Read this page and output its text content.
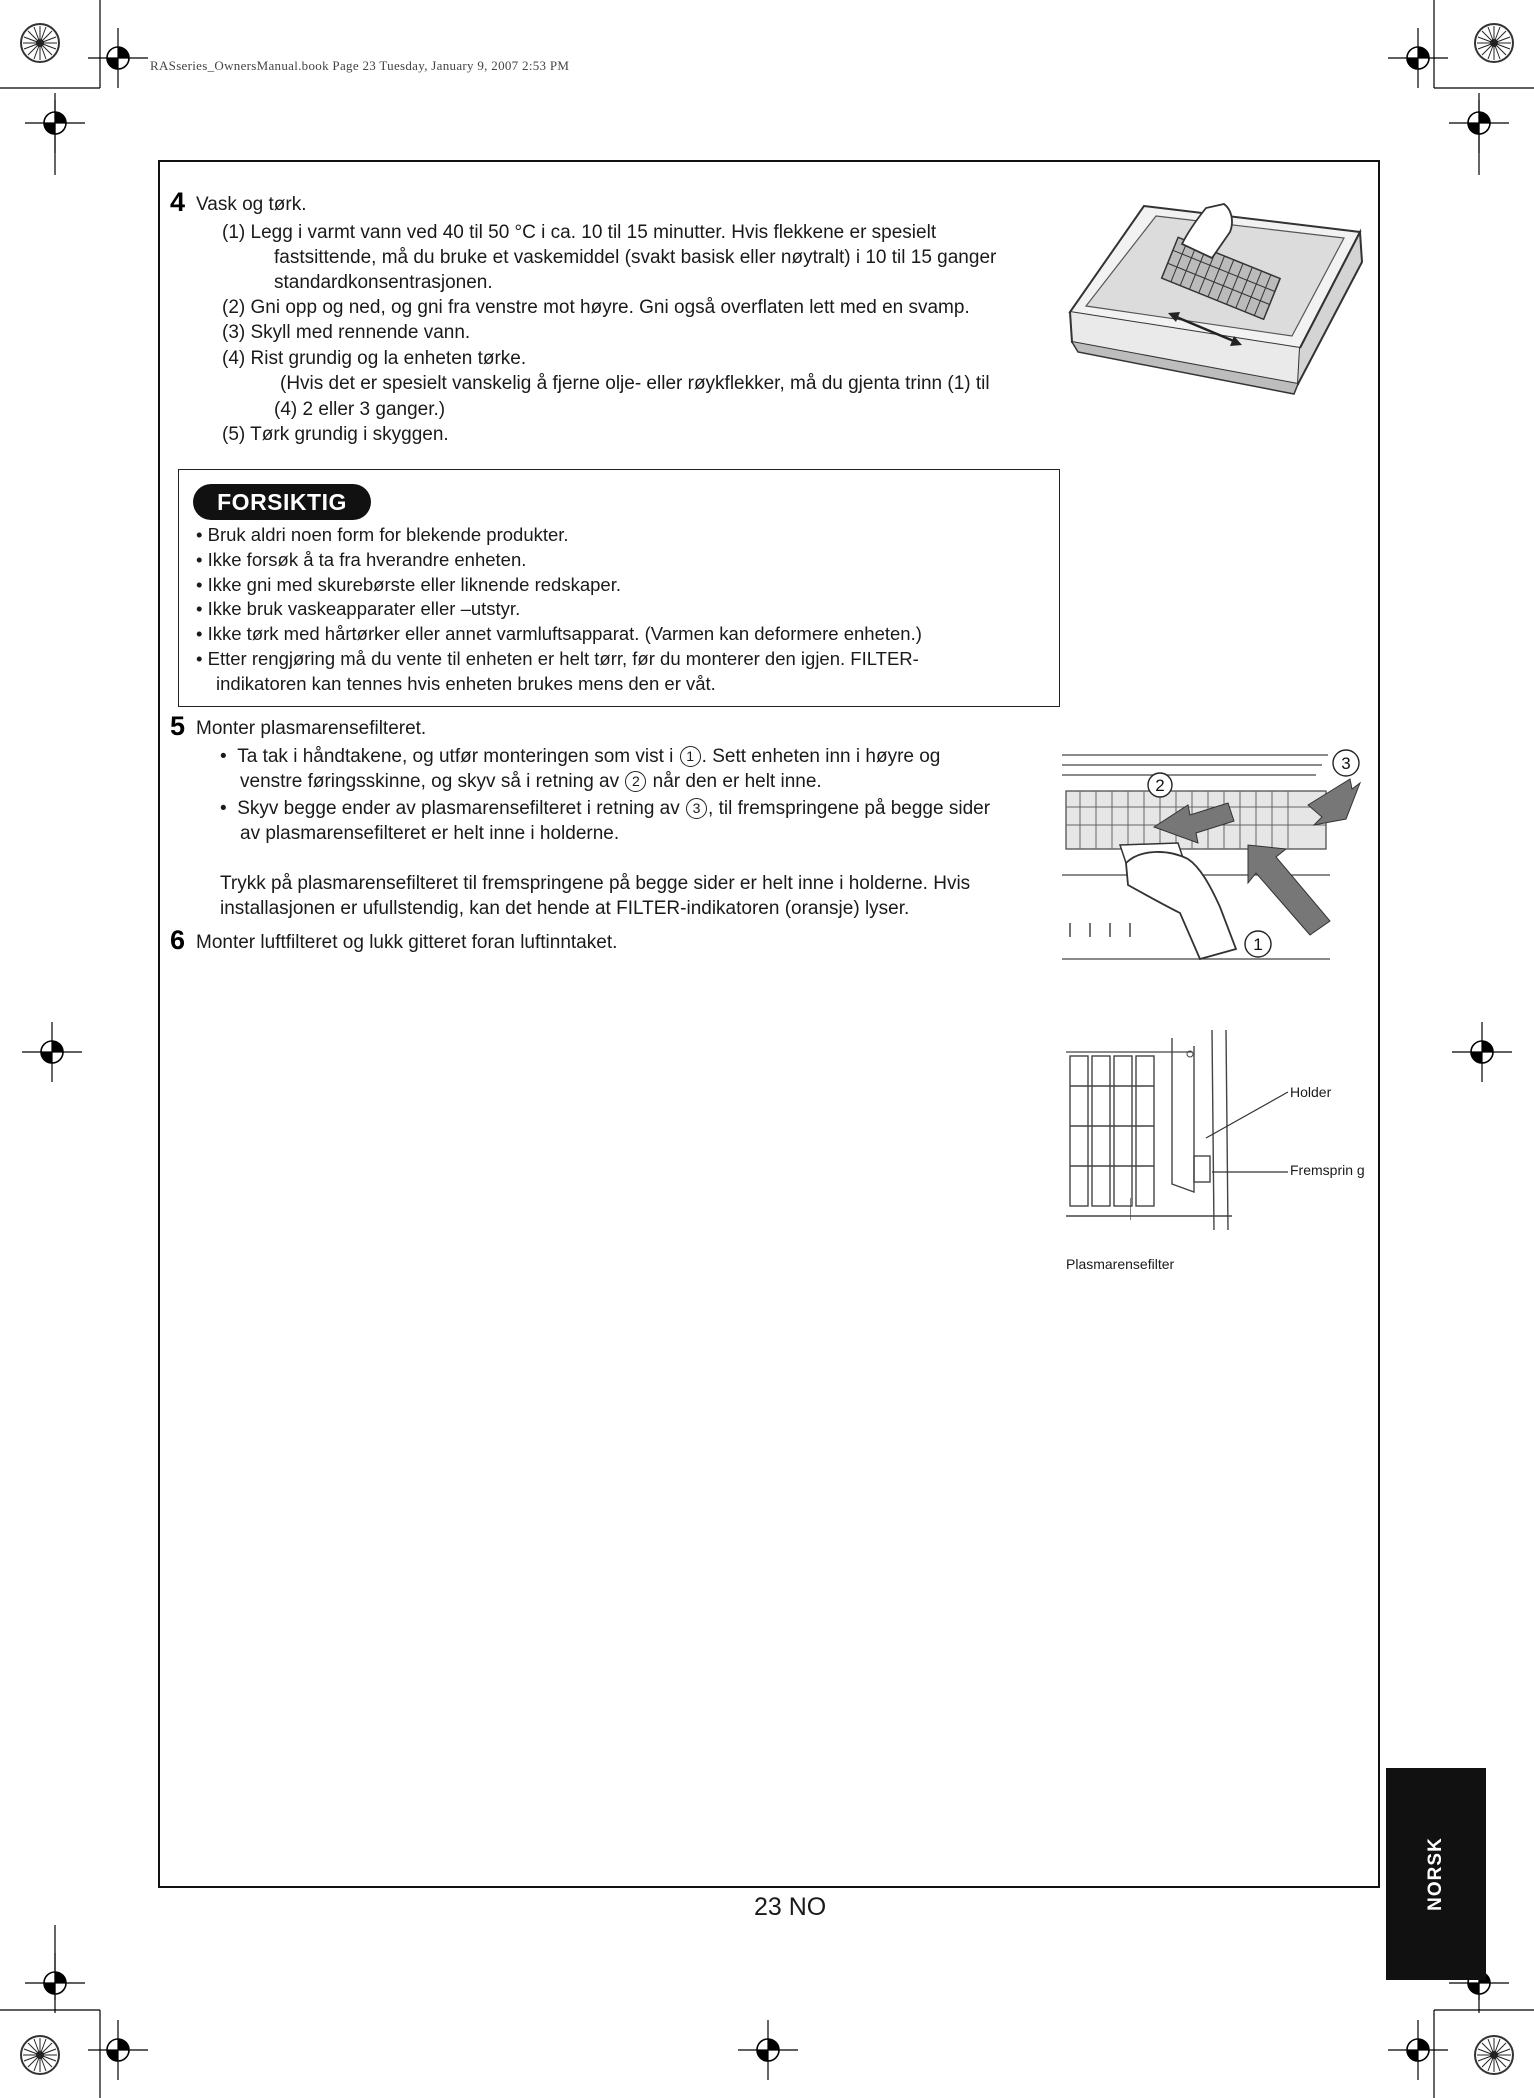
RASseries_OwnersManual.book Page 23 Tuesday, January 9, 2007 2:53 PM
4 Vask og tørk.
(1) Legg i varmt vann ved 40 til 50 °C i ca. 10 til 15 minutter. Hvis flekkene er spesielt
fastsittende, må du bruke et vaskemiddel (svakt basisk eller nøytralt) i 10 til 15 ganger
standardkonsentrasjonen.
(2) Gni opp og ned, og gni fra venstre mot høyre. Gni også overflaten lett med en svamp.
(3) Skyll med rennende vann.
(4) Rist grundig og la enheten tørke.
(Hvis det er spesielt vanskelig å fjerne olje- eller røykflekker, må du gjenta trinn (1) til
(4) 2 eller 3 ganger.)
(5) Tørk grundig i skyggen.
FORSIKTIG
• Bruk aldri noen form for blekende produkter.
• Ikke forsøk å ta fra hverandre enheten.
• Ikke gni med skurebørste eller liknende redskaper.
• Ikke bruk vaskeapparater eller –utstyr.
• Ikke tørk med hårtørker eller annet varmluftsapparat. (Varmen kan deformere enheten.)
• Etter rengjøring må du vente til enheten er helt tørr, før du monterer den igjen. FILTER-
indikatoren kan tennes hvis enheten brukes mens den er våt.
5 Monter plasmarensefilteret.
•  Ta tak i håndtakene, og utfør monteringen som vist i 1 . Sett enheten inn i høyre og
venstre føringsskinne, og skyv så i retning av 2 når den er helt inne.
•  Skyv begge ender av plasmarensefilteret i retning av 3 , til fremspringene på begge sider
av plasmarensefilteret er helt inne i holderne.
Trykk på plasmarensefilteret til fremspringene på begge sider er helt inne i holderne. Hvis
installasjonen er ufullstendig, kan det hende at FILTER-indikatoren (oransje) lyser.
6 Monter luftfilteret og lukk gitteret foran luftinntaket.
2
3
1
Holder
Fremsprin g
Plasmarensefilter
23 NO	NORSK
